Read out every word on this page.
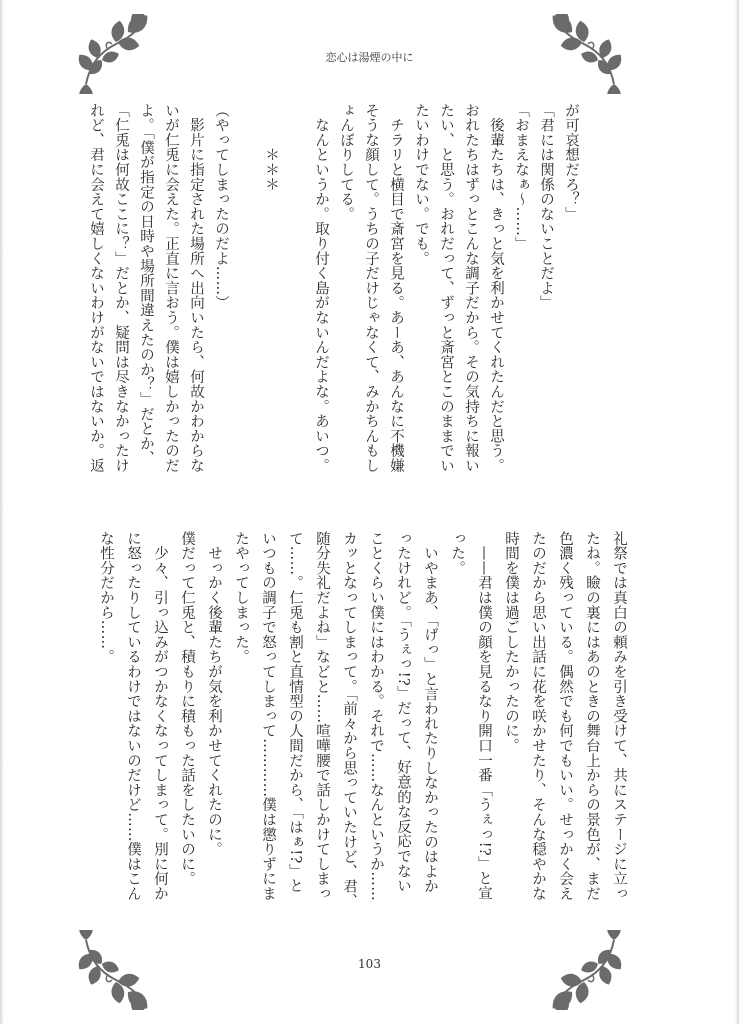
恋心は湯煙の中に
が可哀想だろ？」
「君には関係のないことだよ」
「おまえなぁ〜……」
　後輩たちは、きっと気を利かせてくれたんだと思う。
おれたちはずっとこんな調子だから。その気持ちに報い
たい、と思う。おれだって、ずっと斎宮とこのままでい
たいわけでない。でも。
　チラリと横目で斎宮を見る。あーあ、あんなに不機嫌
そうな顔して。うちの子だけじゃなくて、みかちんもし
ょんぼりしてる。
　なんというか。取り付く島がないんだよな。あいつ。
　　　＊＊＊
（やってしまったのだよ……）
　影片に指定された場所へ出向いたら、何故かわからな
いが仁兎に会えた。正直に言おう。僕は嬉しかったのだ
よ。「僕が指定の日時や場所間違えたのか？」だとか、
「仁兎は何故ここに？」だとか、疑問は尽きなかったけ
れど、君に会えて嬉しくないわけがないではないか。返
礼祭では真白の頼みを引き受けて、共にステージに立っ
たね。瞼の裏にはあのときの舞台上からの景色が、まだ
色濃く残っている。偶然でも何でもいい。せっかく会え
たのだから思い出話に花を咲かせたり、そんな穏やかな
時間を僕は過ごしたかったのに。
　——君は僕の顔を見るなり開口一番「うぇっ!?」と宣
った。
　いやまあ、「げっ」と言われたりしなかったのはよか
ったけれど。「うぇっ!?」だって、好意的な反応でない
ことくらい僕にはわかる。それで……なんというか……
カッとなってしまって。「前々から思っていたけど、君、
随分失礼だよね」などと……喧嘩腰で話しかけてしまっ
て……。仁兎も割と直情型の人間だから、「はぁ!?」と
いつもの調子で怒ってしまって…………僕は懲りずにま
たやってしまった。
　せっかく後輩たちが気を利かせてくれたのに。
僕だって仁兎と、積もりに積もった話をしたいのに。
　少々、引っ込みがつかなくなってしまって。別に何か
に怒ったりしているわけではないのだけど……僕はこん
な性分だから……。
103
